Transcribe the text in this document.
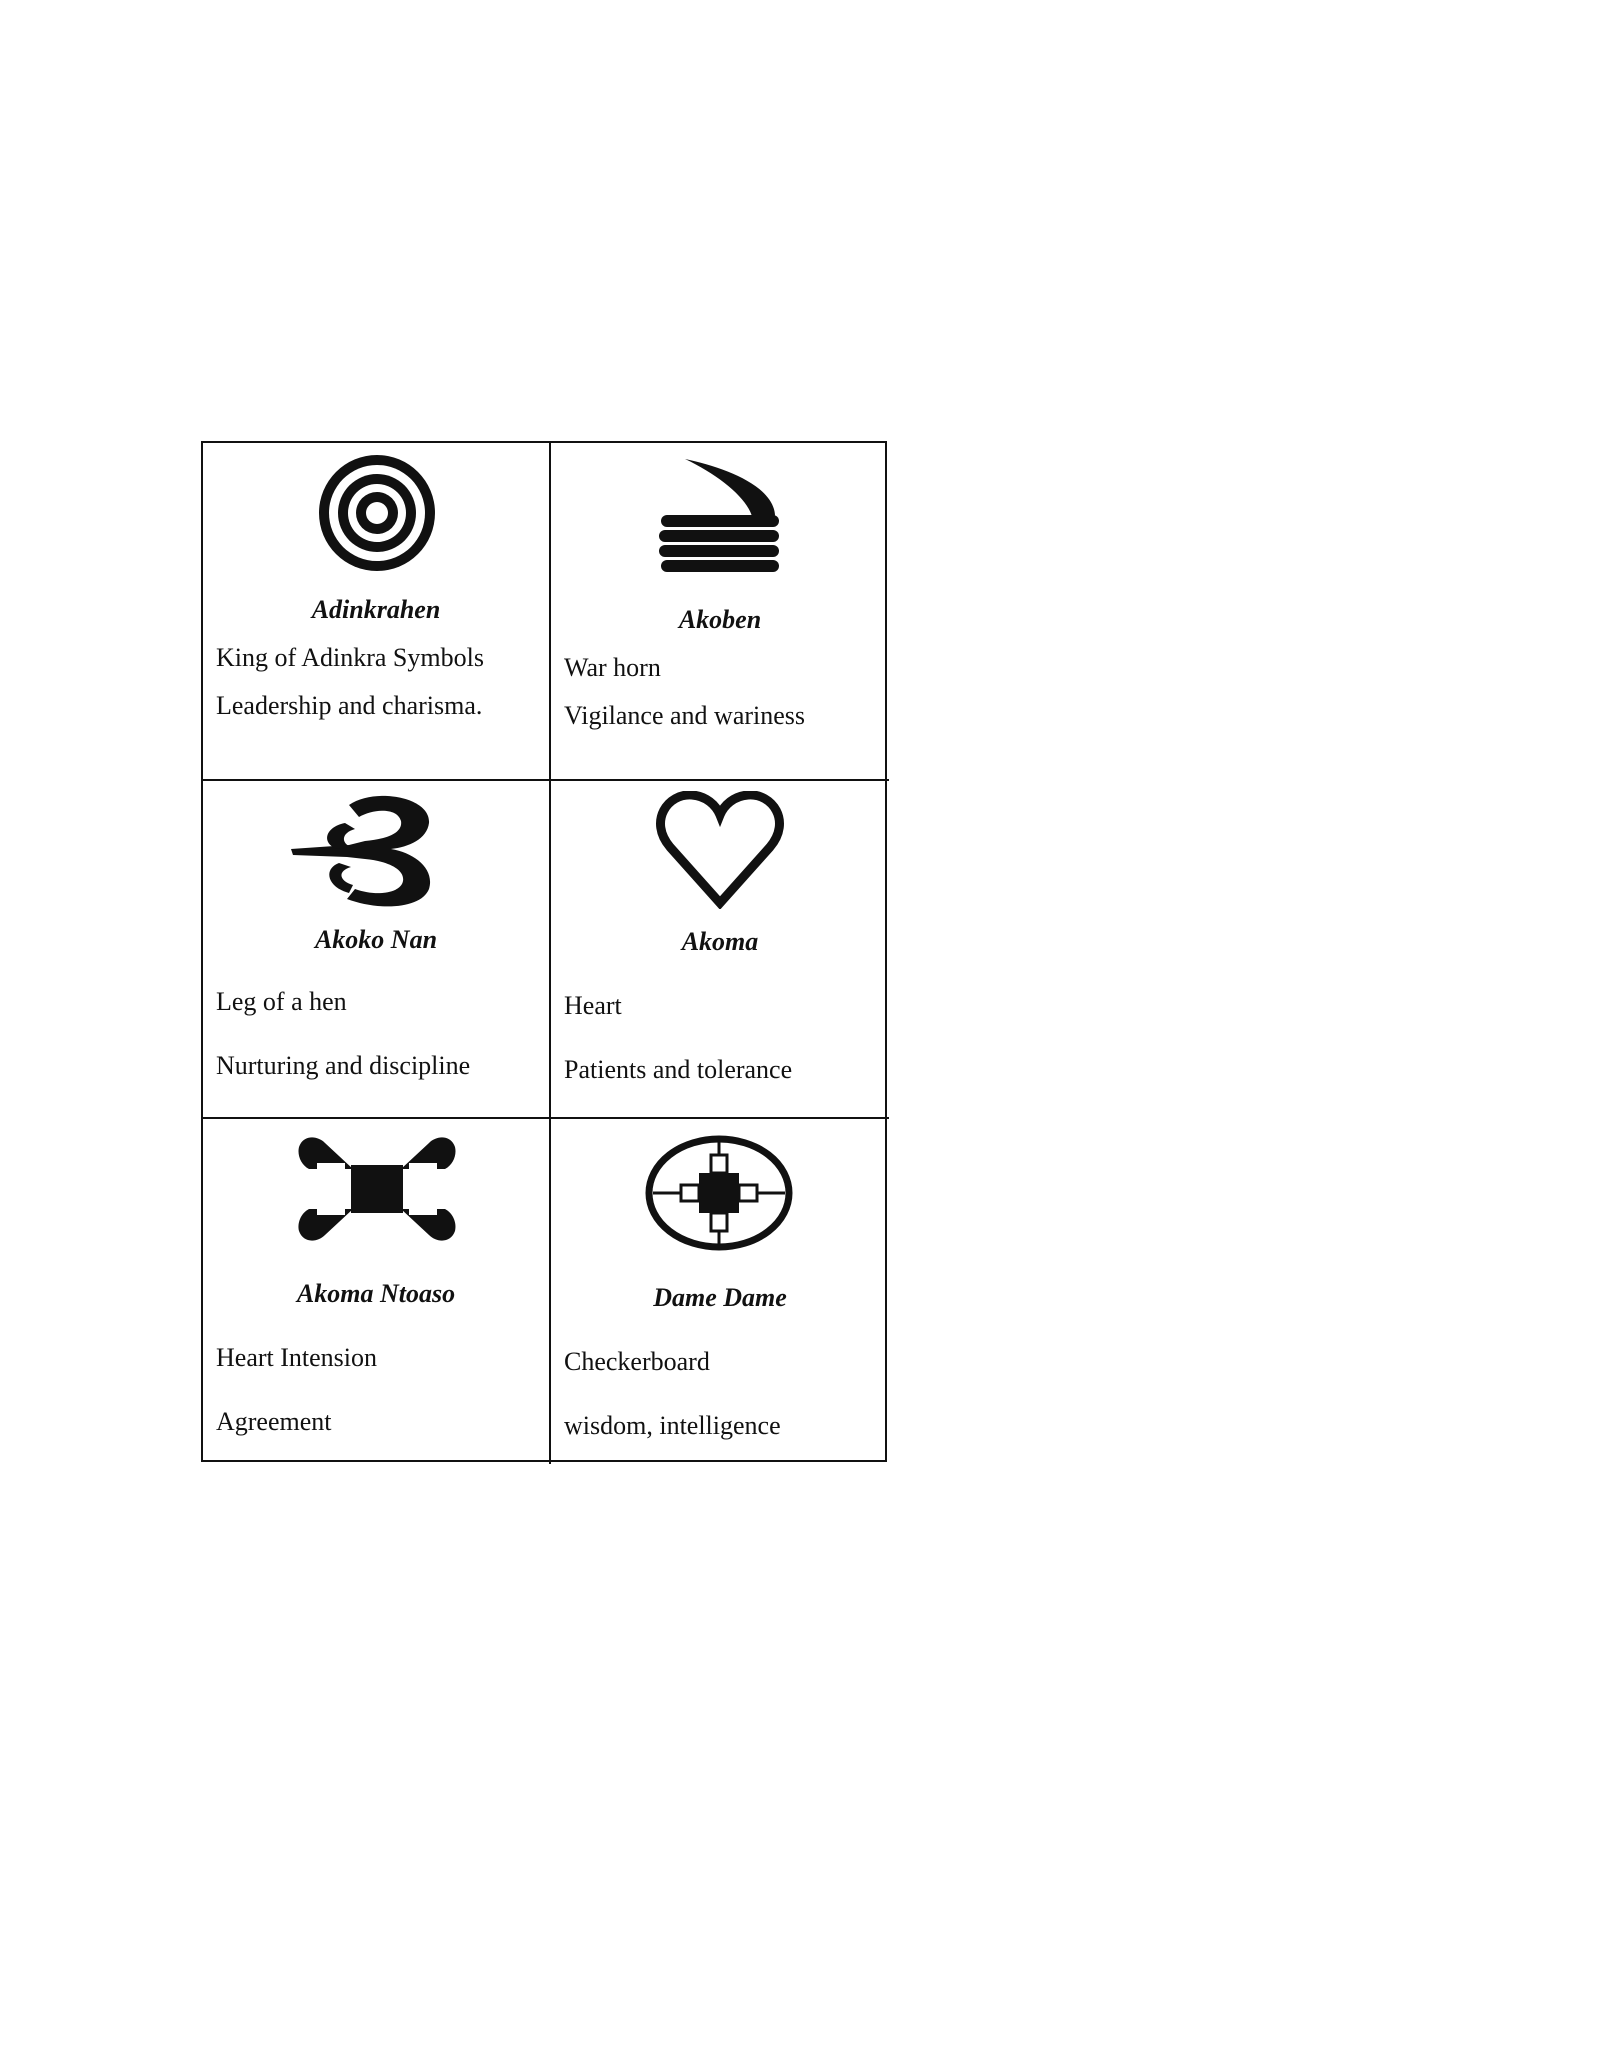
Adinkrahen
King of Adinkra Symbols
Leadership and charisma.
Akoben
War horn
Vigilance and wariness
Akoko Nan
Leg of a hen
Nurturing and discipline
Akoma
Heart
Patients and tolerance
Akoma Ntoaso
Heart Intension
Agreement
Dame Dame
Checkerboard
wisdom, intelligence
